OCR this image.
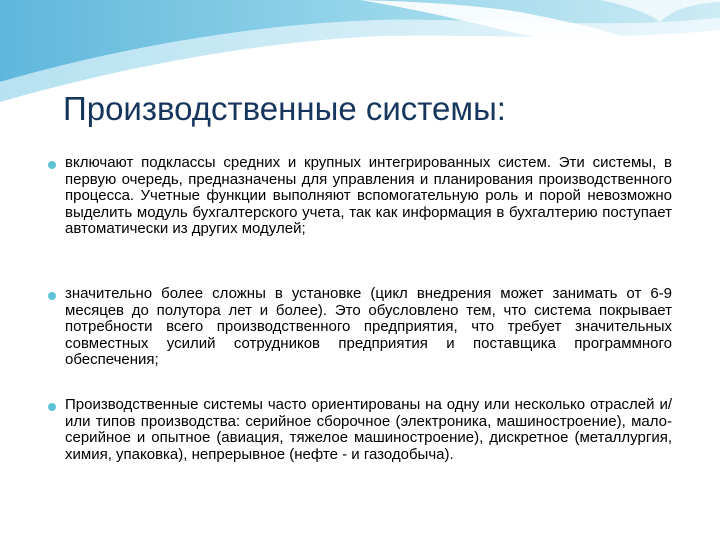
Производственные системы:
включают подклассы средних и крупных интегрированных систем. Эти системы, в первую очередь, предназначены для управления и планирования производственного процесса. Учетные функции выполняют вспомогательную роль и порой невозможно выделить модуль бухгалтерского учета, так как информация в бухгалтерию поступает автоматически из других модулей;
значительно более сложны в установке (цикл внедрения может занимать от 6-9 месяцев до полутора лет и более). Это обусловлено тем, что система покрывает потребности всего производственного предприятия, что требует значительных совместных усилий сотрудников предприятия и поставщика программного обеспечения;
Производственные системы часто ориентированы на одну или несколько отраслей и/или типов производства: серийное сборочное (электроника, машиностроение), мало-серийное и опытное (авиация, тяжелое машиностроение), дискретное (металлургия, химия, упаковка), непрерывное (нефте - и газодобыча).
